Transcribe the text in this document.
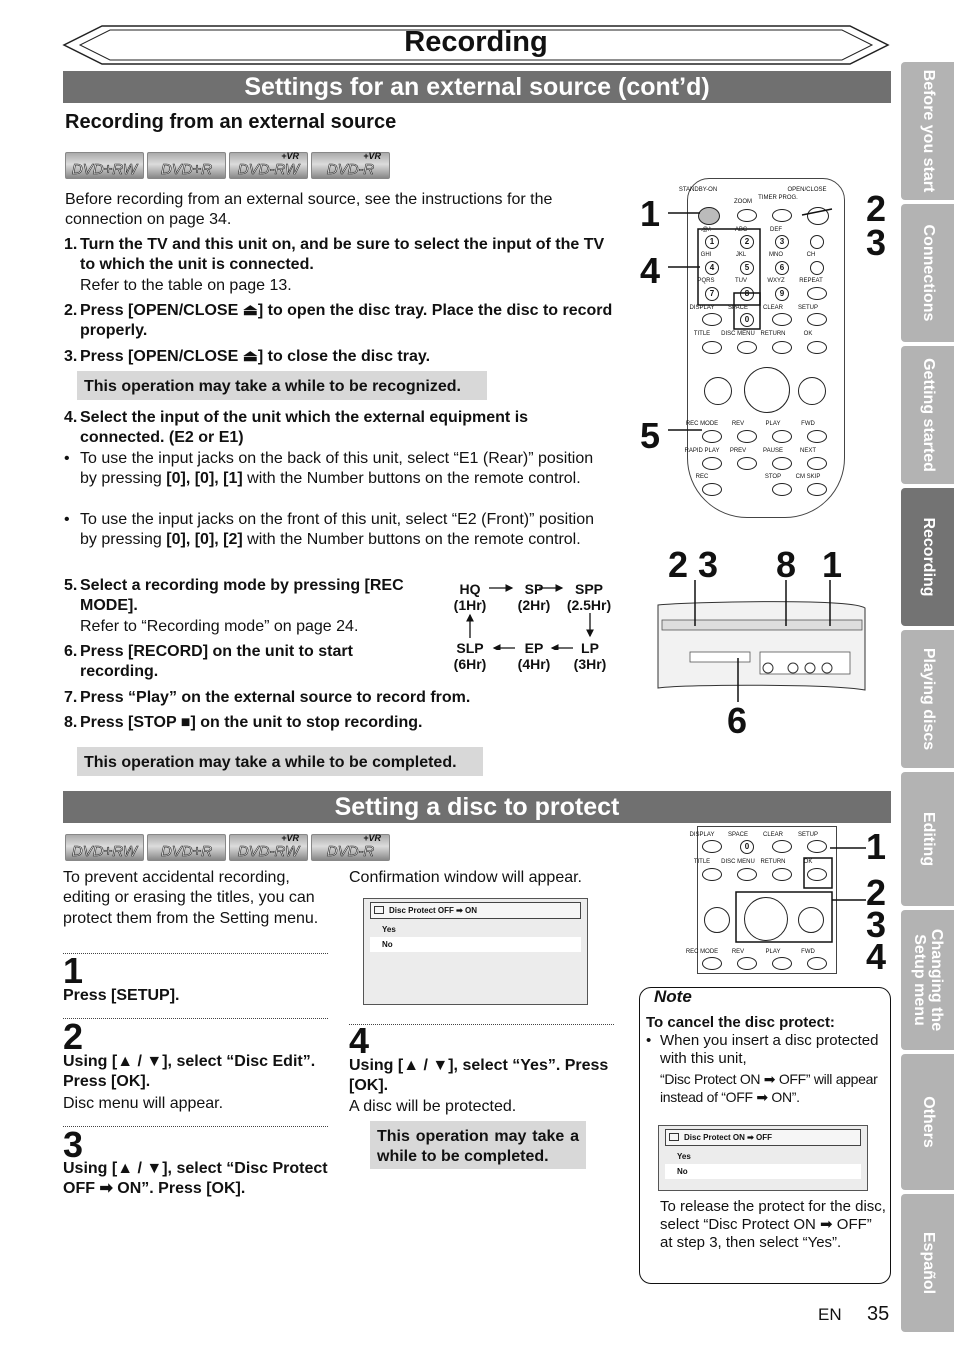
Recording
Settings for an external source (cont’d)
Recording from an external source
DVD+RW	DVD+R
+VR
DVD-RW
+VR
DVD-R
Before recording from an external source, see the instructions for the connection on page 34.
1. Turn the TV and this unit on, and be sure to select the input of the TV to which the unit is connected.
Refer to the table on page 13.
2. Press [OPEN/CLOSE ⏏] to open the disc tray. Place the disc to record properly.
3. Press [OPEN/CLOSE ⏏] to close the disc tray.
This operation may take a while to be recognized.
4. Select the input of the unit which the external equipment is connected. (E2 or E1)
• To use the input jacks on the back of this unit, select “E1 (Rear)” position by pressing [0], [0], [1] with the Number buttons on the remote control.
• To use the input jacks on the front of this unit, select “E2 (Front)” position by pressing [0], [0], [2] with the Number buttons on the remote control.
5. Select a recording mode by pressing [REC MODE].
Refer to “Recording mode” on page 24.
6. Press [RECORD] on the unit to start recording.
7. Press “Play” on the external source to record from.
8. Press [STOP ■] on the unit to stop recording.
This operation may take a while to be completed.
HQ
(1Hr)
SP
(2Hr)
SPP
(2.5Hr)
LP
(3Hr)
EP
(4Hr)
SLP
(6Hr)
STANDBY-ON	OPEN/CLOSE
ZOOM
TIMER PROG.
.@/:	ABC	DEF
1	2	3
GHI	JKL	MNO	CH
4	5	6
PQRS	TUV	WXYZ	REPEAT
7	8	9
DISPLAY	SPACE	CLEAR	SETUP
0
TITLE	DISC MENU RETURN	OK
REC MODE	REV	PLAY	FWD
RAPID PLAY	PREV	PAUSE	NEXT
REC	STOP	CM SKIP
1	2
3
4
5
2 3 8 1
6
Setting a disc to protect
DVD+RW	DVD+R
+VR
DVD-RW
+VR
DVD-R
To prevent accidental recording, editing or erasing the titles, you can protect them from the Setting menu.
1
Press [SETUP].
2
Using [▲ / ▼], select “Disc Edit”. Press [OK].
Disc menu will appear.
3
Using [▲ / ▼], select “Disc Protect OFF ➡ ON”. Press [OK].
Confirmation window will appear.
Disc Protect OFF ➡ ON
Yes
No
4
Using [▲ / ▼], select “Yes”. Press [OK].
A disc will be protected.
This operation may take a while to be completed.
DISPLAY	SPACE	CLEAR	SETUP
0
TITLE	DISC MENU RETURN	OK
REC MODE	REV	PLAY	FWD
1
2
3
4
Note
To cancel the disc protect:
• When you insert a disc protected with this unit,
“Disc Protect ON ➡ OFF” will appear instead of “OFF ➡ ON”.
Disc Protect ON ➡ OFF
Yes
No
To release the protect for the disc, select “Disc Protect ON ➡ OFF” at step 3, then select “Yes”.
Before you start
Connections
Getting started
Recording
Playing discs
Editing
Changing the Setup menu
Others
Español
EN 35
